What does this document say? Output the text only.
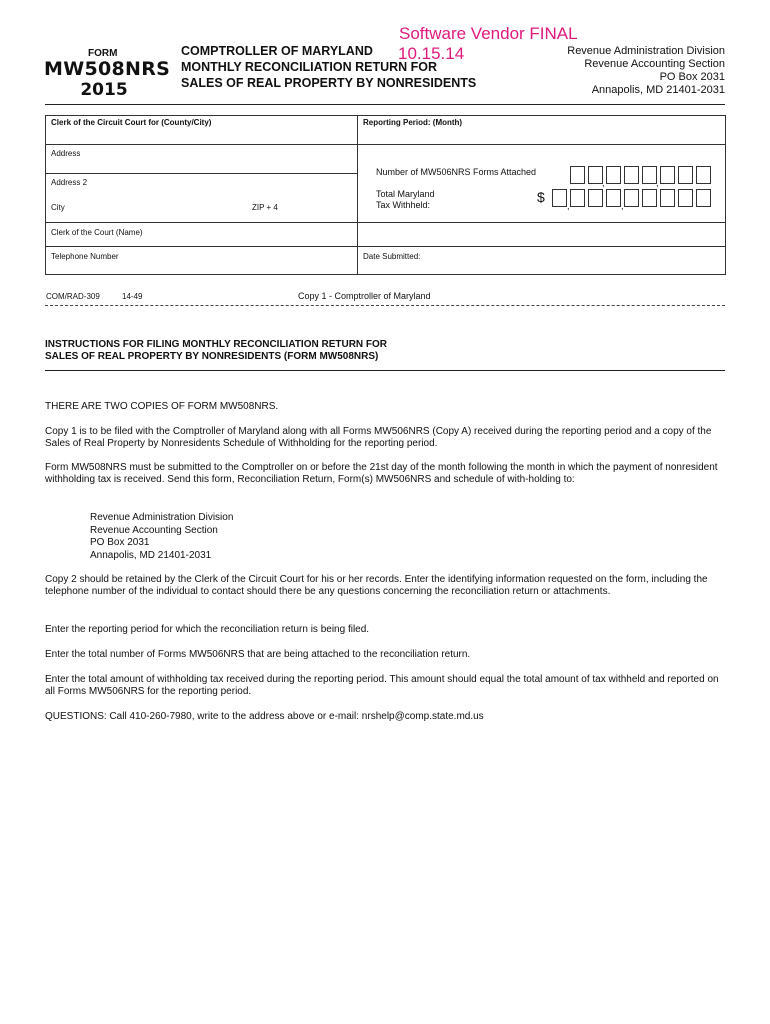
Software Vendor FINAL
10.15.14
FORM
MW508NRS
2015
COMPTROLLER OF MARYLAND
MONTHLY RECONCILIATION RETURN FOR
SALES OF REAL PROPERTY BY NONRESIDENTS
Revenue Administration Division
Revenue Accounting Section
PO Box 2031
Annapolis, MD 21401-2031
Clerk of the Circuit Court for (County/City)	Reporting Period: (Month)
Address
Address 2
City	ZIP + 4
Clerk of the Court (Name)
Telephone Number	Date Submitted:
Number of MW506NRS Forms Attached
,	,
Total Maryland
Tax Withheld:	$
,	,
COM/RAD-309	14-49	Copy 1 - Comptroller of Maryland
INSTRUCTIONS FOR FILING MONTHLY RECONCILIATION RETURN FOR
SALES OF REAL PROPERTY BY NONRESIDENTS (FORM MW508NRS)
THERE ARE TWO COPIES OF FORM MW508NRS.
Copy 1 is to be filed with the Comptroller of Maryland along with all Forms MW506NRS (Copy A) received during the reporting period and a copy of the Sales of Real Property by Nonresidents Schedule of Withholding for the reporting period.
Form MW508NRS must be submitted to the Comptroller on or before the 21st day of the month following the month in which the payment of nonresident withholding tax is received. Send this form, Reconciliation Return, Form(s) MW506NRS and schedule of with-holding to:
Revenue Administration Division
Revenue Accounting Section
PO Box 2031
Annapolis, MD 21401-2031
Copy 2 should be retained by the Clerk of the Circuit Court for his or her records. Enter the identifying information requested on the form, including the telephone number of the individual to contact should there be any questions concerning the reconciliation return or attachments.
Enter the reporting period for which the reconciliation return is being filed.
Enter the total number of Forms MW506NRS that are being attached to the reconciliation return.
Enter the total amount of withholding tax received during the reporting period. This amount should equal the total amount of tax withheld and reported on all Forms MW506NRS for the reporting period.
QUESTIONS: Call 410-260-7980, write to the address above or e-mail: nrshelp@comp.state.md.us
